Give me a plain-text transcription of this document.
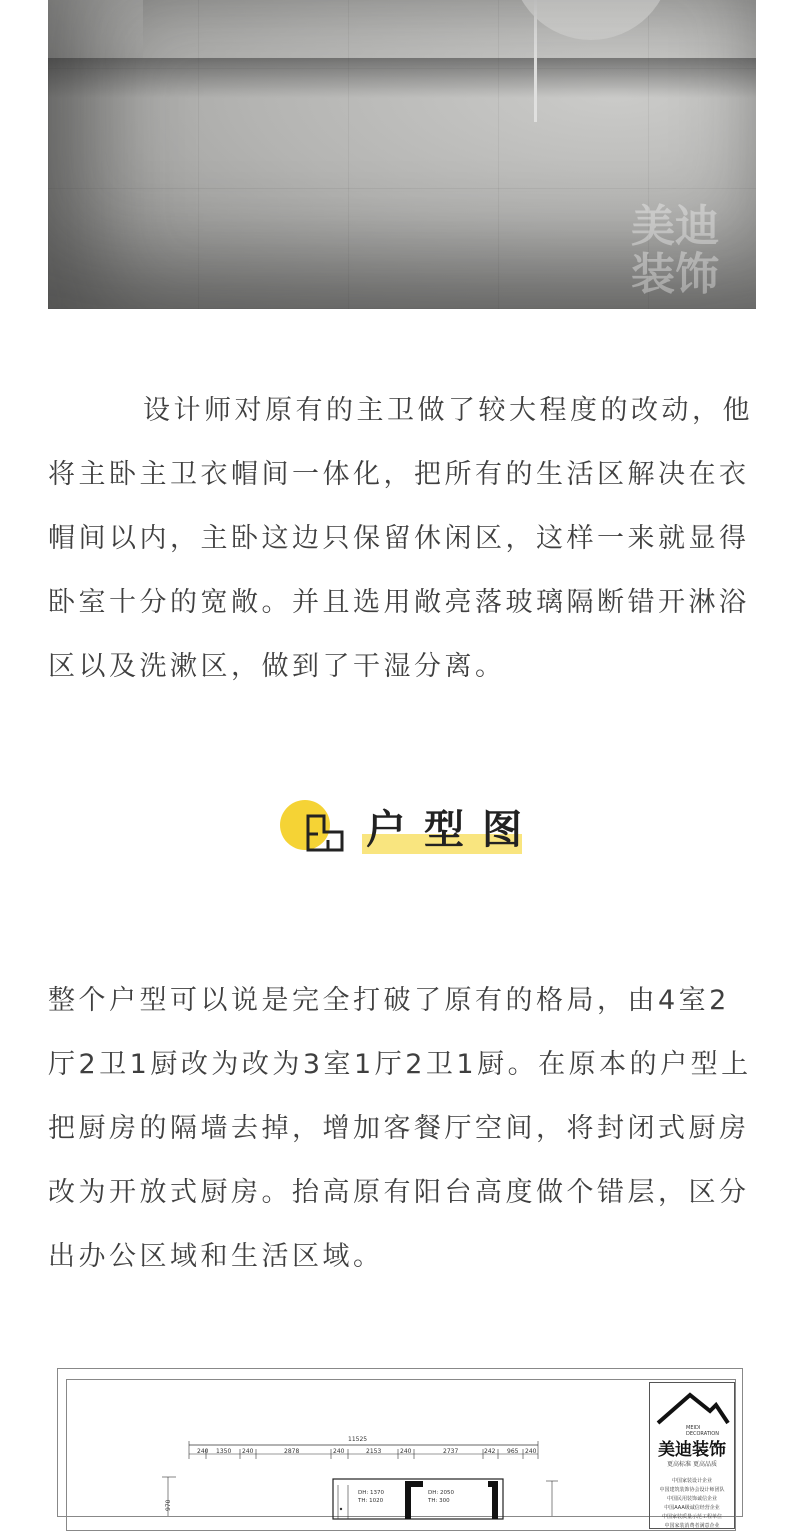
美迪
装饰

设计师对原有的主卫做了较大程度的改动，他将主卧主卫衣帽间一体化，把所有的生活区解决在衣帽间以内，主卧这边只保留休闲区，这样一来就显得卧室十分的宽敞。并且选用敞亮落玻璃隔断错开淋浴区以及洗漱区，做到了干湿分离。

户型图

整个户型可以说是完全打破了原有的格局，由4室2厅2卫1厨改为改为3室1厅2卫1厨。在原本的户型上把厨房的隔墙去掉，增加客餐厅空间，将封闭式厨房改为开放式厨房。抬高原有阳台高度做个错层，区分出办公区域和生活区域。

11525
240 1350 240	2878	240	2153	240	2737	242 965 240
970
DH: 1370
TH: 1020
DH: 2050
TH: 300
MEIDI DECORATION
美迪装饰
更高标准 更高品质
中国家装设计企业
中国建筑装饰协会设计师团队
中国民用装饰诚信企业
中国AAA级诚信经营企业
中国家装质量示范工程单位
中国家装消费者满意企业
